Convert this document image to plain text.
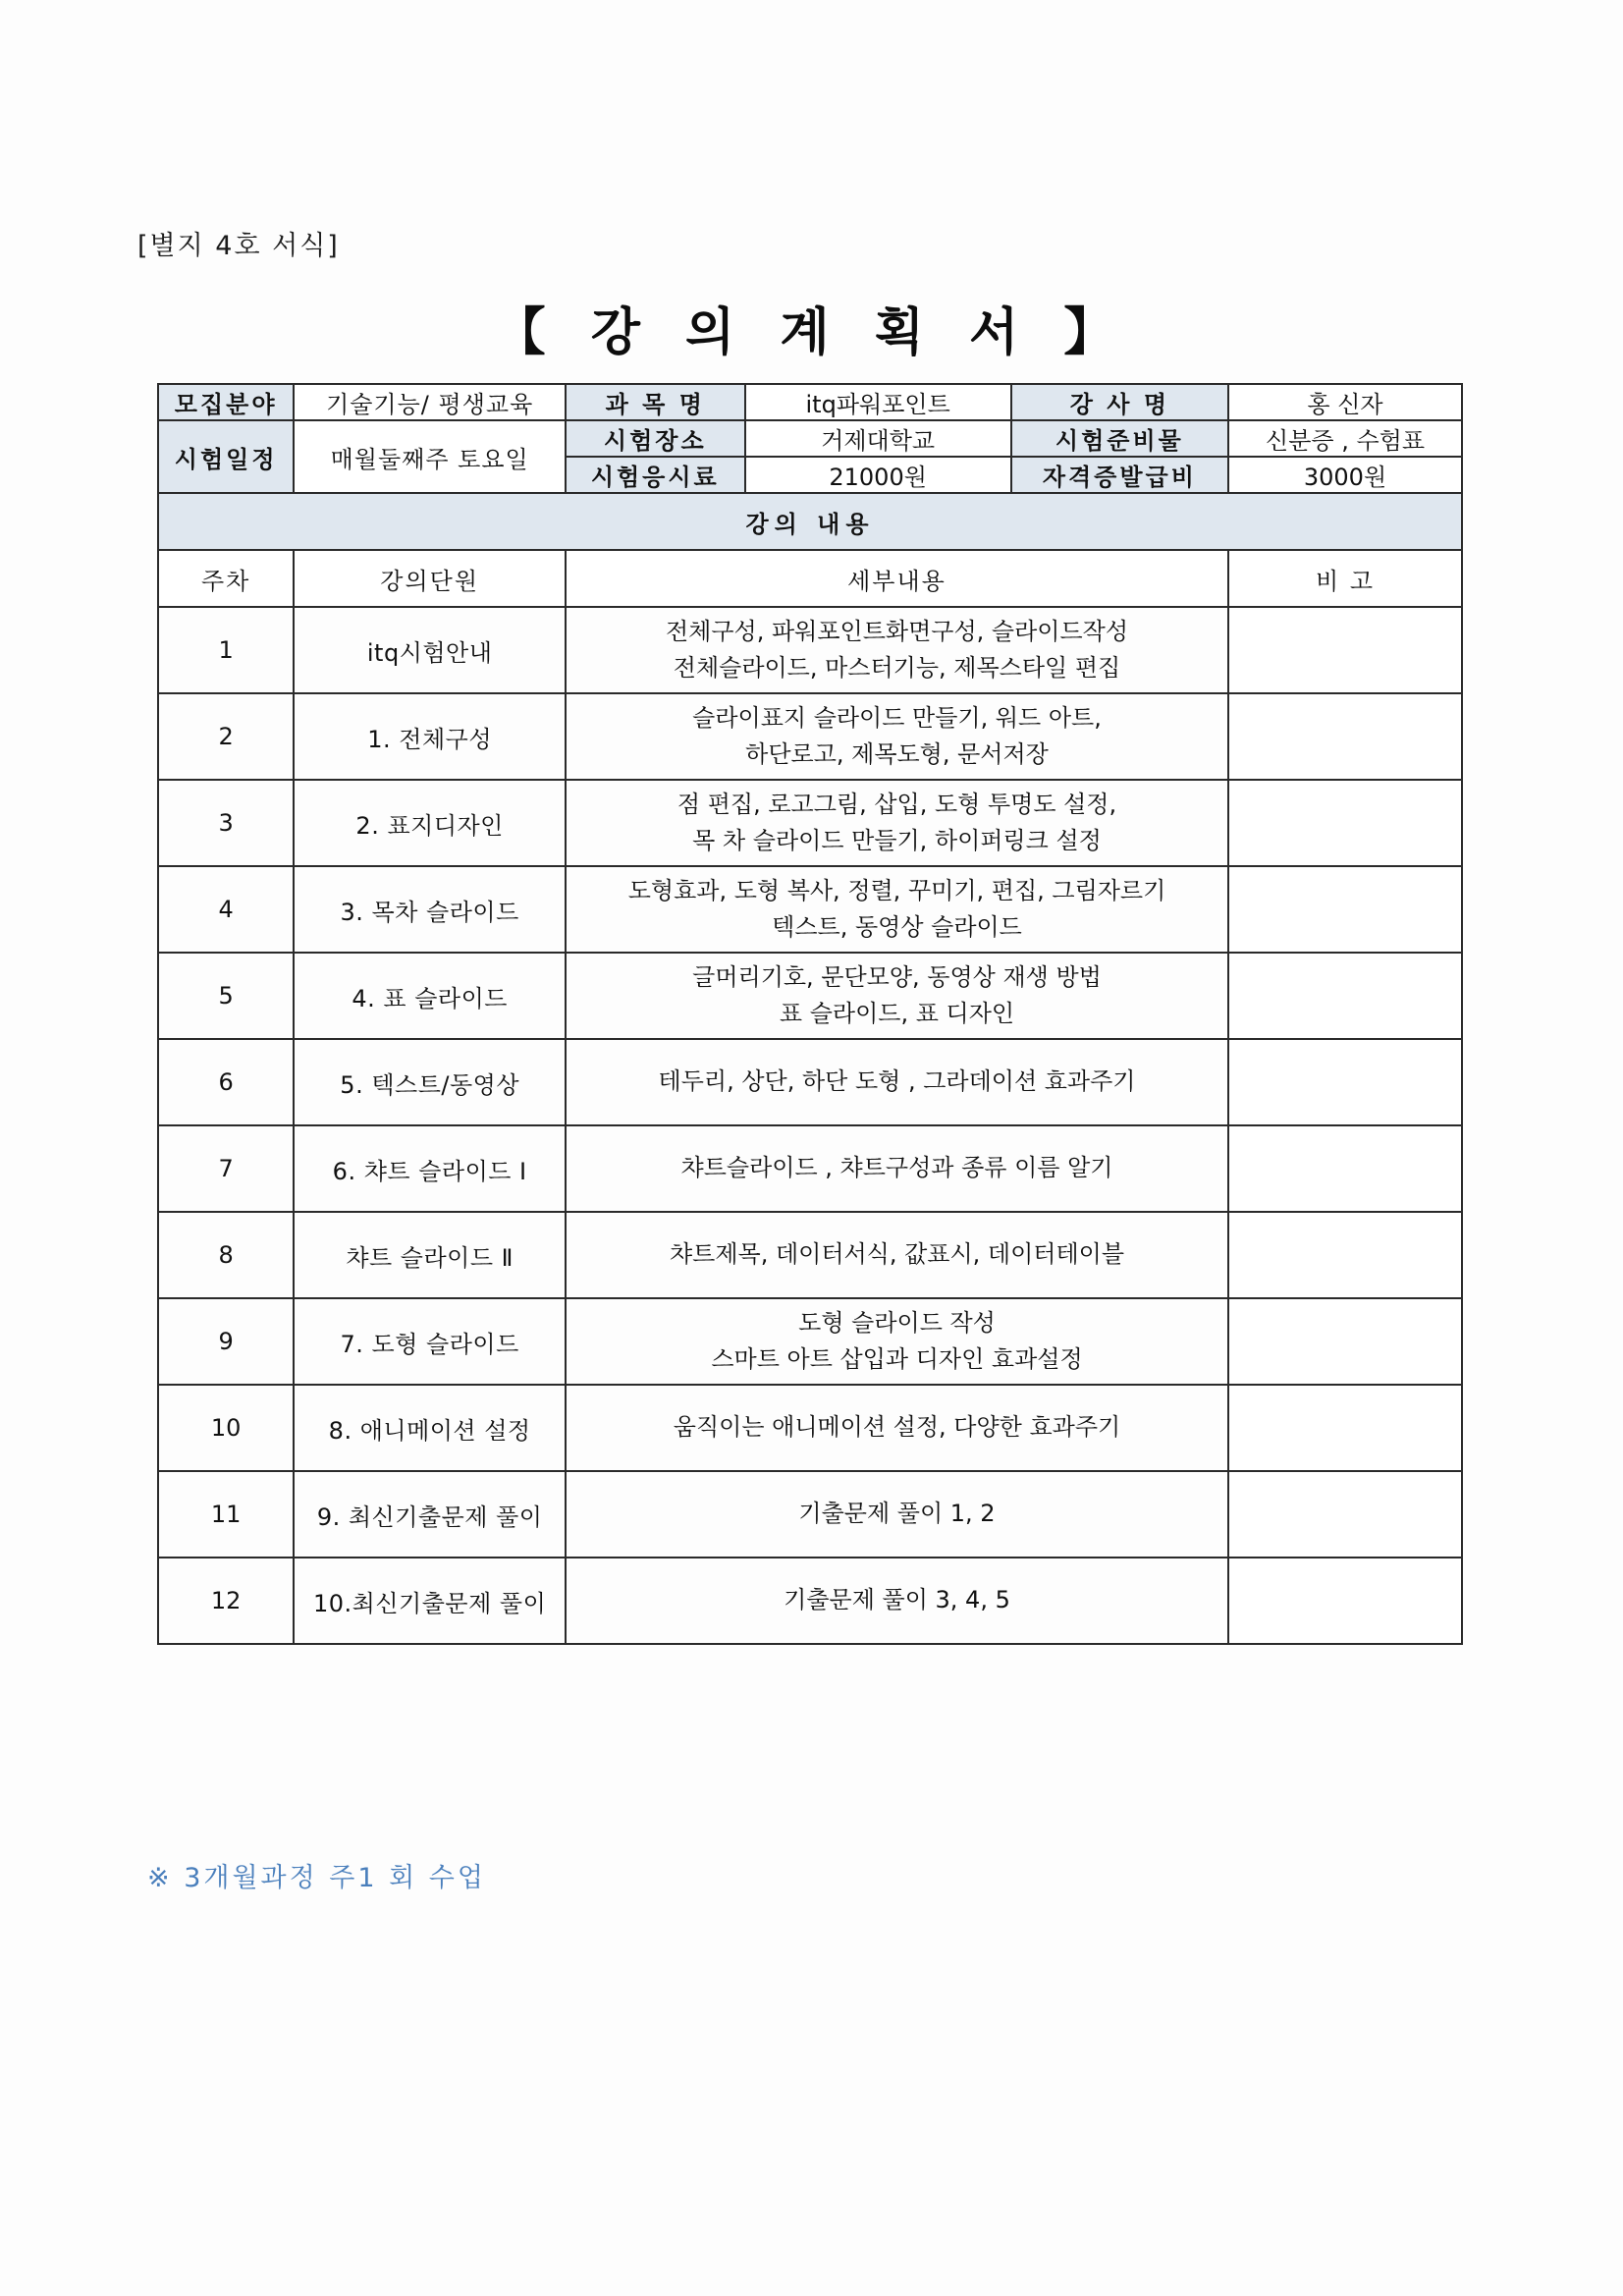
[별지 4호 서식]
【 강 의 계 획 서 】
모집분야	기술기능/ 평생교육	과 목 명	itq파워포인트	강 사 명	홍 신자
시험일정	매월둘째주 토요일	시험장소	거제대학교	시험준비물	신분증 , 수험표
		시험응시료	21000원	자격증발급비	3000원
강의 내용					
주차	강의단원	세부내용			비 고
1	itq시험안내	전체구성, 파워포인트화면구성, 슬라이드작성
전체슬라이드, 마스터기능, 제목스타일 편집			

2	1. 전체구성	슬라이표지 슬라이드 만들기, 워드 아트,
하단로고, 제목도형, 문서저장			

3	2. 표지디자인	점 편집, 로고그림, 삽입, 도형 투명도 설정,
목 차 슬라이드 만들기, 하이퍼링크 설정			

4	3. 목차 슬라이드	도형효과, 도형 복사, 정렬, 꾸미기, 편집, 그림자르기
텍스트, 동영상 슬라이드			

5	4. 표 슬라이드	글머리기호, 문단모양, 동영상 재생 방법
표 슬라이드, 표 디자인			

6	5. 텍스트/동영상	테두리, 상단, 하단 도형 , 그라데이션 효과주기			

7	6. 챠트 슬라이드 Ⅰ	챠트슬라이드 , 챠트구성과 종류 이름 알기			

8	챠트 슬라이드 Ⅱ	챠트제목, 데이터서식, 값표시, 데이터테이블			

9	7. 도형 슬라이드	도형 슬라이드 작성
스마트 아트 삽입과 디자인 효과설정			

10	8. 애니메이션 설정	움직이는 애니메이션 설정, 다양한 효과주기			

11	9. 최신기출문제 풀이	기출문제 풀이 1, 2			

12	10.최신기출문제 풀이	기출문제 풀이 3, 4, 5			

※ 3개월과정 주1 회 수업
